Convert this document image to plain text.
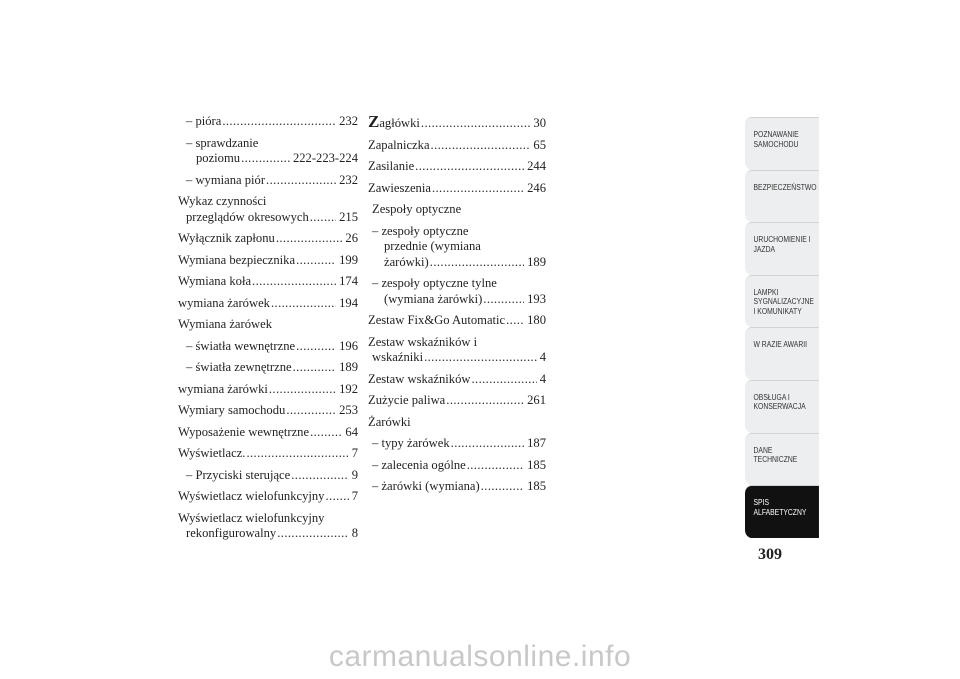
– pióra .....	232
– sprawdzanie
poziomu .....	222-223-224
– wymiana piór .....	232
Wykaz czynności
przeglądów okresowych ..... 215
Wyłącznik zapłonu .....	26
Wymiana bezpiecznika .....	199
Wymiana koła .....	174
wymiana żarówek .....	194
Wymiana żarówek
– światła wewnętrzne .....	196
– światła zewnętrzne .....	189
wymiana żarówki .....	192
Wymiary samochodu .....	253
Wyposażenie wewnętrzne .....	64
Wyświetlacz. .....	7
– Przyciski sterujące .....	9
Wyświetlacz wielofunkcyjny ..... 7
Wyświetlacz wielofunkcyjny
rekonfigurowalny .....	8
Zagłówki .....	30
Zapalniczka .....	65
Zasilanie .....	244
Zawieszenia .....	246
Zespoły optyczne
– zespoły optyczne
przednie (wymiana
żarówki) .....	189
– zespoły optyczne tylne
(wymiana żarówki) .....	193
Zestaw Fix&Go Automatic ..... 180
Zestaw wskaźników i
wskaźniki .....	4
Zestaw wskaźników .....	4
Zużycie paliwa .....	261
Żarówki
– typy żarówek .....	187
– zalecenia ogólne .....	185
– żarówki (wymiana) .....	185
POZNAWANIE
SAMOCHODU
BEZPIECZEŃSTWO
URUCHOMIENIE I
JAZDA
LAMPKI
SYGNALIZACYJNE
I KOMUNIKATY
W RAZIE AWARII
OBSŁUGA I
KONSERWACJA
DANE
TECHNICZNE
SPIS
ALFABETYCZNY
309
carmanualsonline.info
